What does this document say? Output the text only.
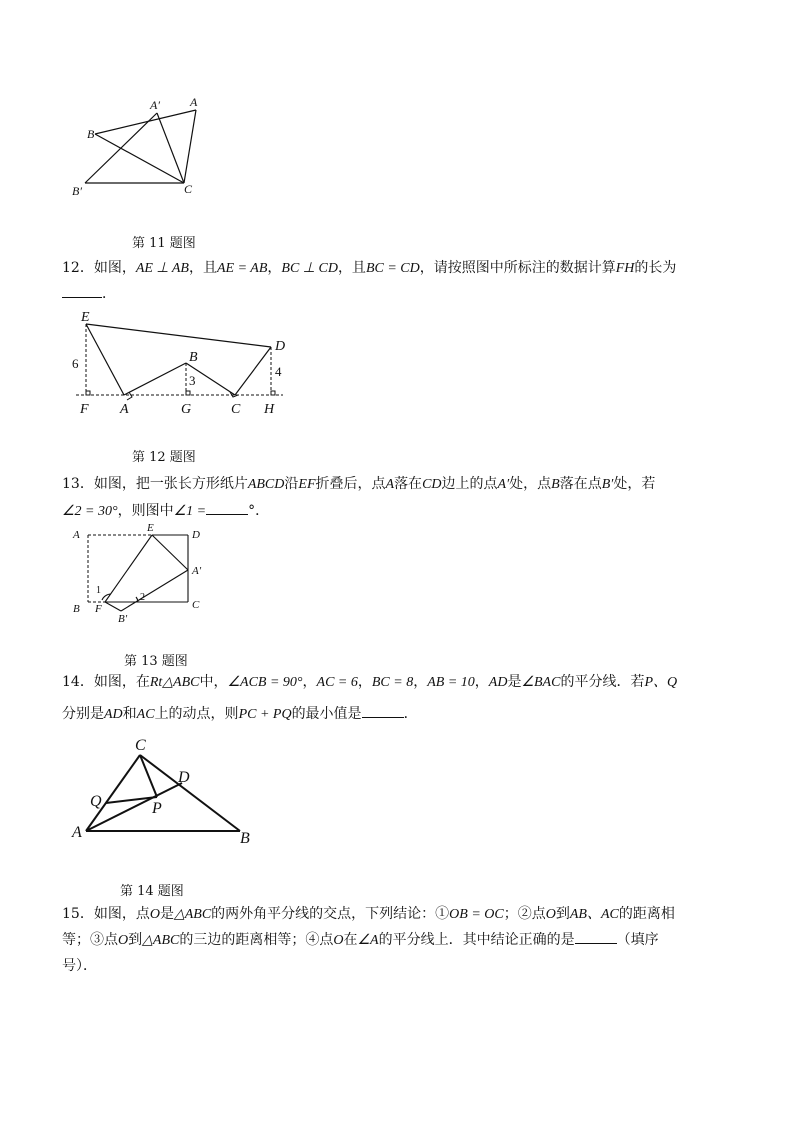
A′	A
B
B′	C
第 11 题图
12．如图，AE ⊥ AB，且AE = AB，BC ⊥ CD，且BC = CD，请按照图中所标注的数据计算FH的长为
．
E
B
D
F A	G	C H
6
3
4
第 12 题图
13．如图，把一张长方形纸片ABCD沿EF折叠后，点A落在CD边上的点A′处，点B落在点B′处，若
∠2 = 30°，则图中∠1 =	°．
A
E
D
A′
B F
B′
C
1
2
第 13 题图
14．如图，在Rt△ABC中，∠ACB = 90°，AC = 6，BC = 8，AB = 10，AD是∠BAC的平分线．若P、Q
分别是AD和AC上的动点，则PC + PQ的最小值是	．
C
D
Q	P
A	B
第 14 题图
15．如图，点O是△ABC的两外角平分线的交点，下列结论：①OB = OC；②点O到AB、AC的距离相
等；③点O到△ABC的三边的距离相等；④点O在∠A的平分线上．其中结论正确的是	（填序
号）．
